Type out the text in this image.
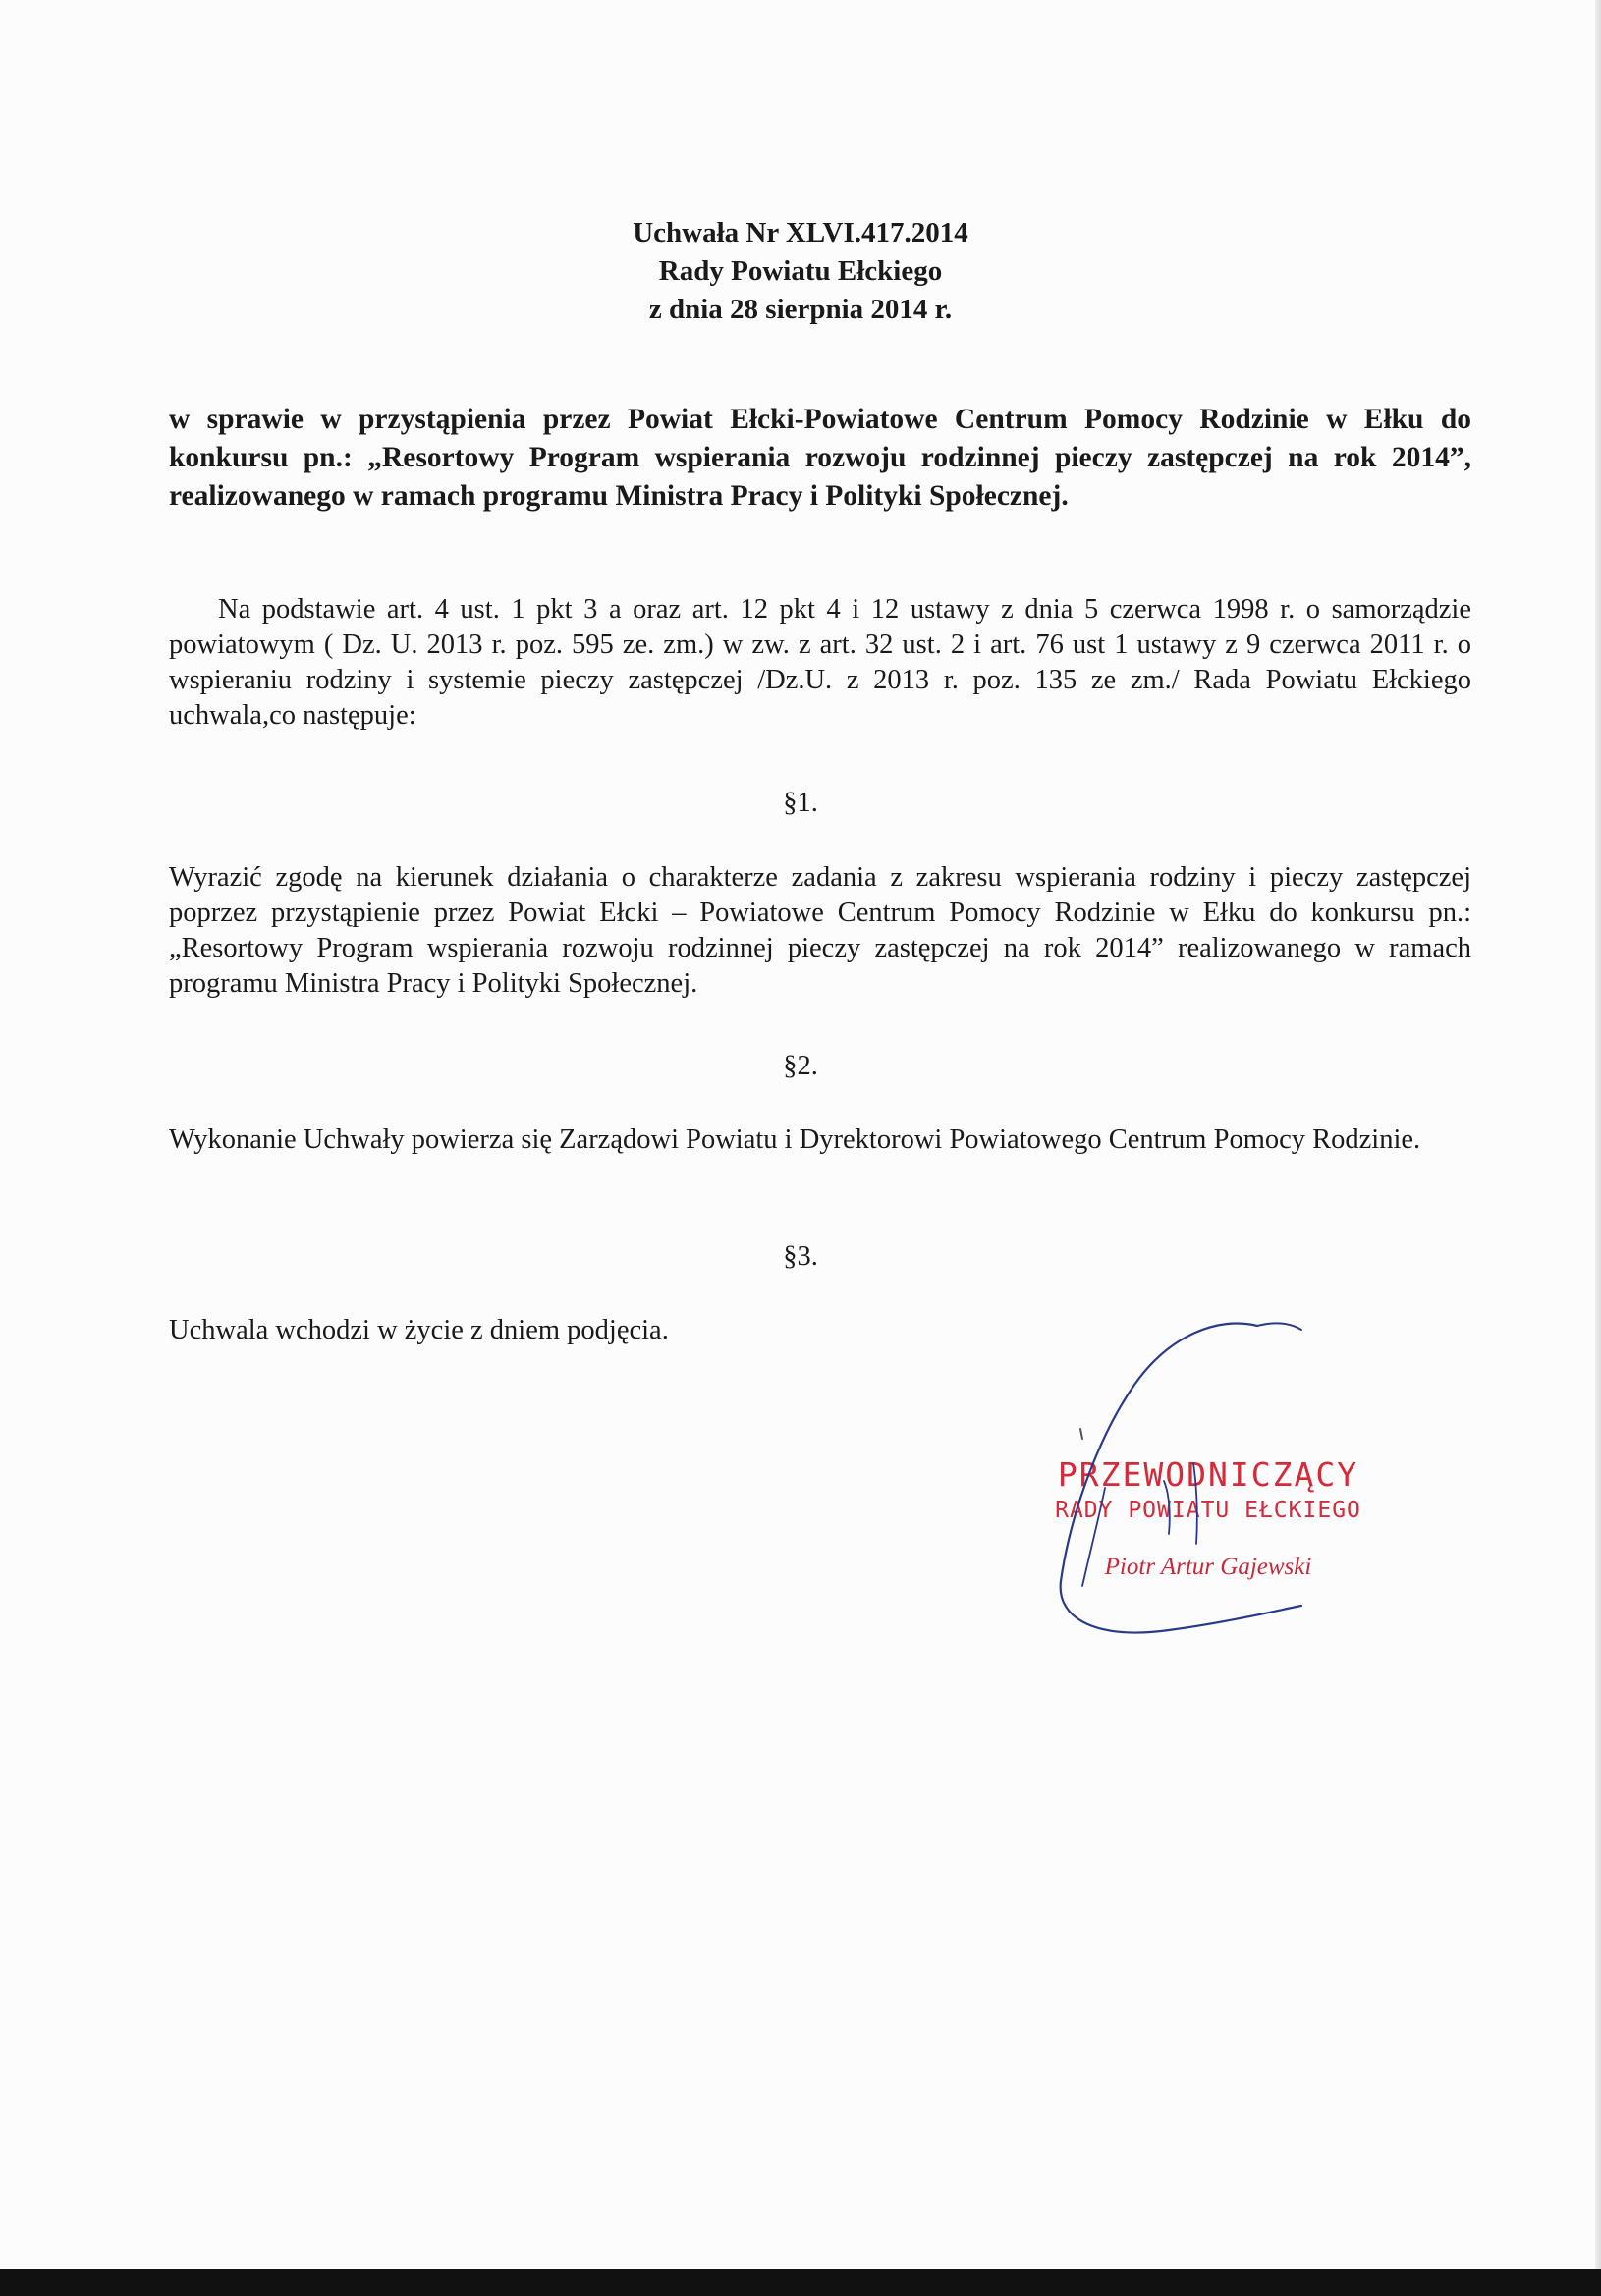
Uchwała Nr XLVI.417.2014
Rady Powiatu Ełckiego
z dnia 28 sierpnia 2014 r.
w sprawie w przystąpienia przez Powiat Ełcki-Powiatowe Centrum Pomocy Rodzinie w Ełku do konkursu pn.: „Resortowy Program wspierania rozwoju rodzinnej pieczy zastępczej na rok 2014”, realizowanego w ramach programu Ministra Pracy i Polityki Społecznej.
Na podstawie art. 4 ust. 1 pkt 3 a oraz art. 12 pkt 4 i 12 ustawy z dnia 5 czerwca 1998 r. o samorządzie powiatowym ( Dz. U. 2013 r. poz. 595 ze. zm.) w zw. z art. 32 ust. 2 i art. 76 ust 1 ustawy z 9 czerwca 2011 r. o wspieraniu rodziny i systemie pieczy zastępczej /Dz.U. z 2013 r. poz. 135 ze zm./ Rada Powiatu Ełckiego uchwala,co następuje:
§1.
Wyrazić zgodę na kierunek działania o charakterze zadania z zakresu wspierania rodziny i pieczy zastępczej poprzez przystąpienie przez Powiat Ełcki – Powiatowe Centrum Pomocy Rodzinie w Ełku do konkursu pn.: „Resortowy Program wspierania rozwoju rodzinnej pieczy zastępczej na rok 2014” realizowanego w ramach programu Ministra Pracy i Polityki Społecznej.
§2.
Wykonanie Uchwały powierza się Zarządowi Powiatu i Dyrektorowi Powiatowego Centrum Pomocy Rodzinie.
§3.
Uchwala wchodzi w życie z dniem podjęcia.
PRZEWODNICZĄCY
RADY POWIATU EŁCKIEGO
Piotr Artur Gajewski
